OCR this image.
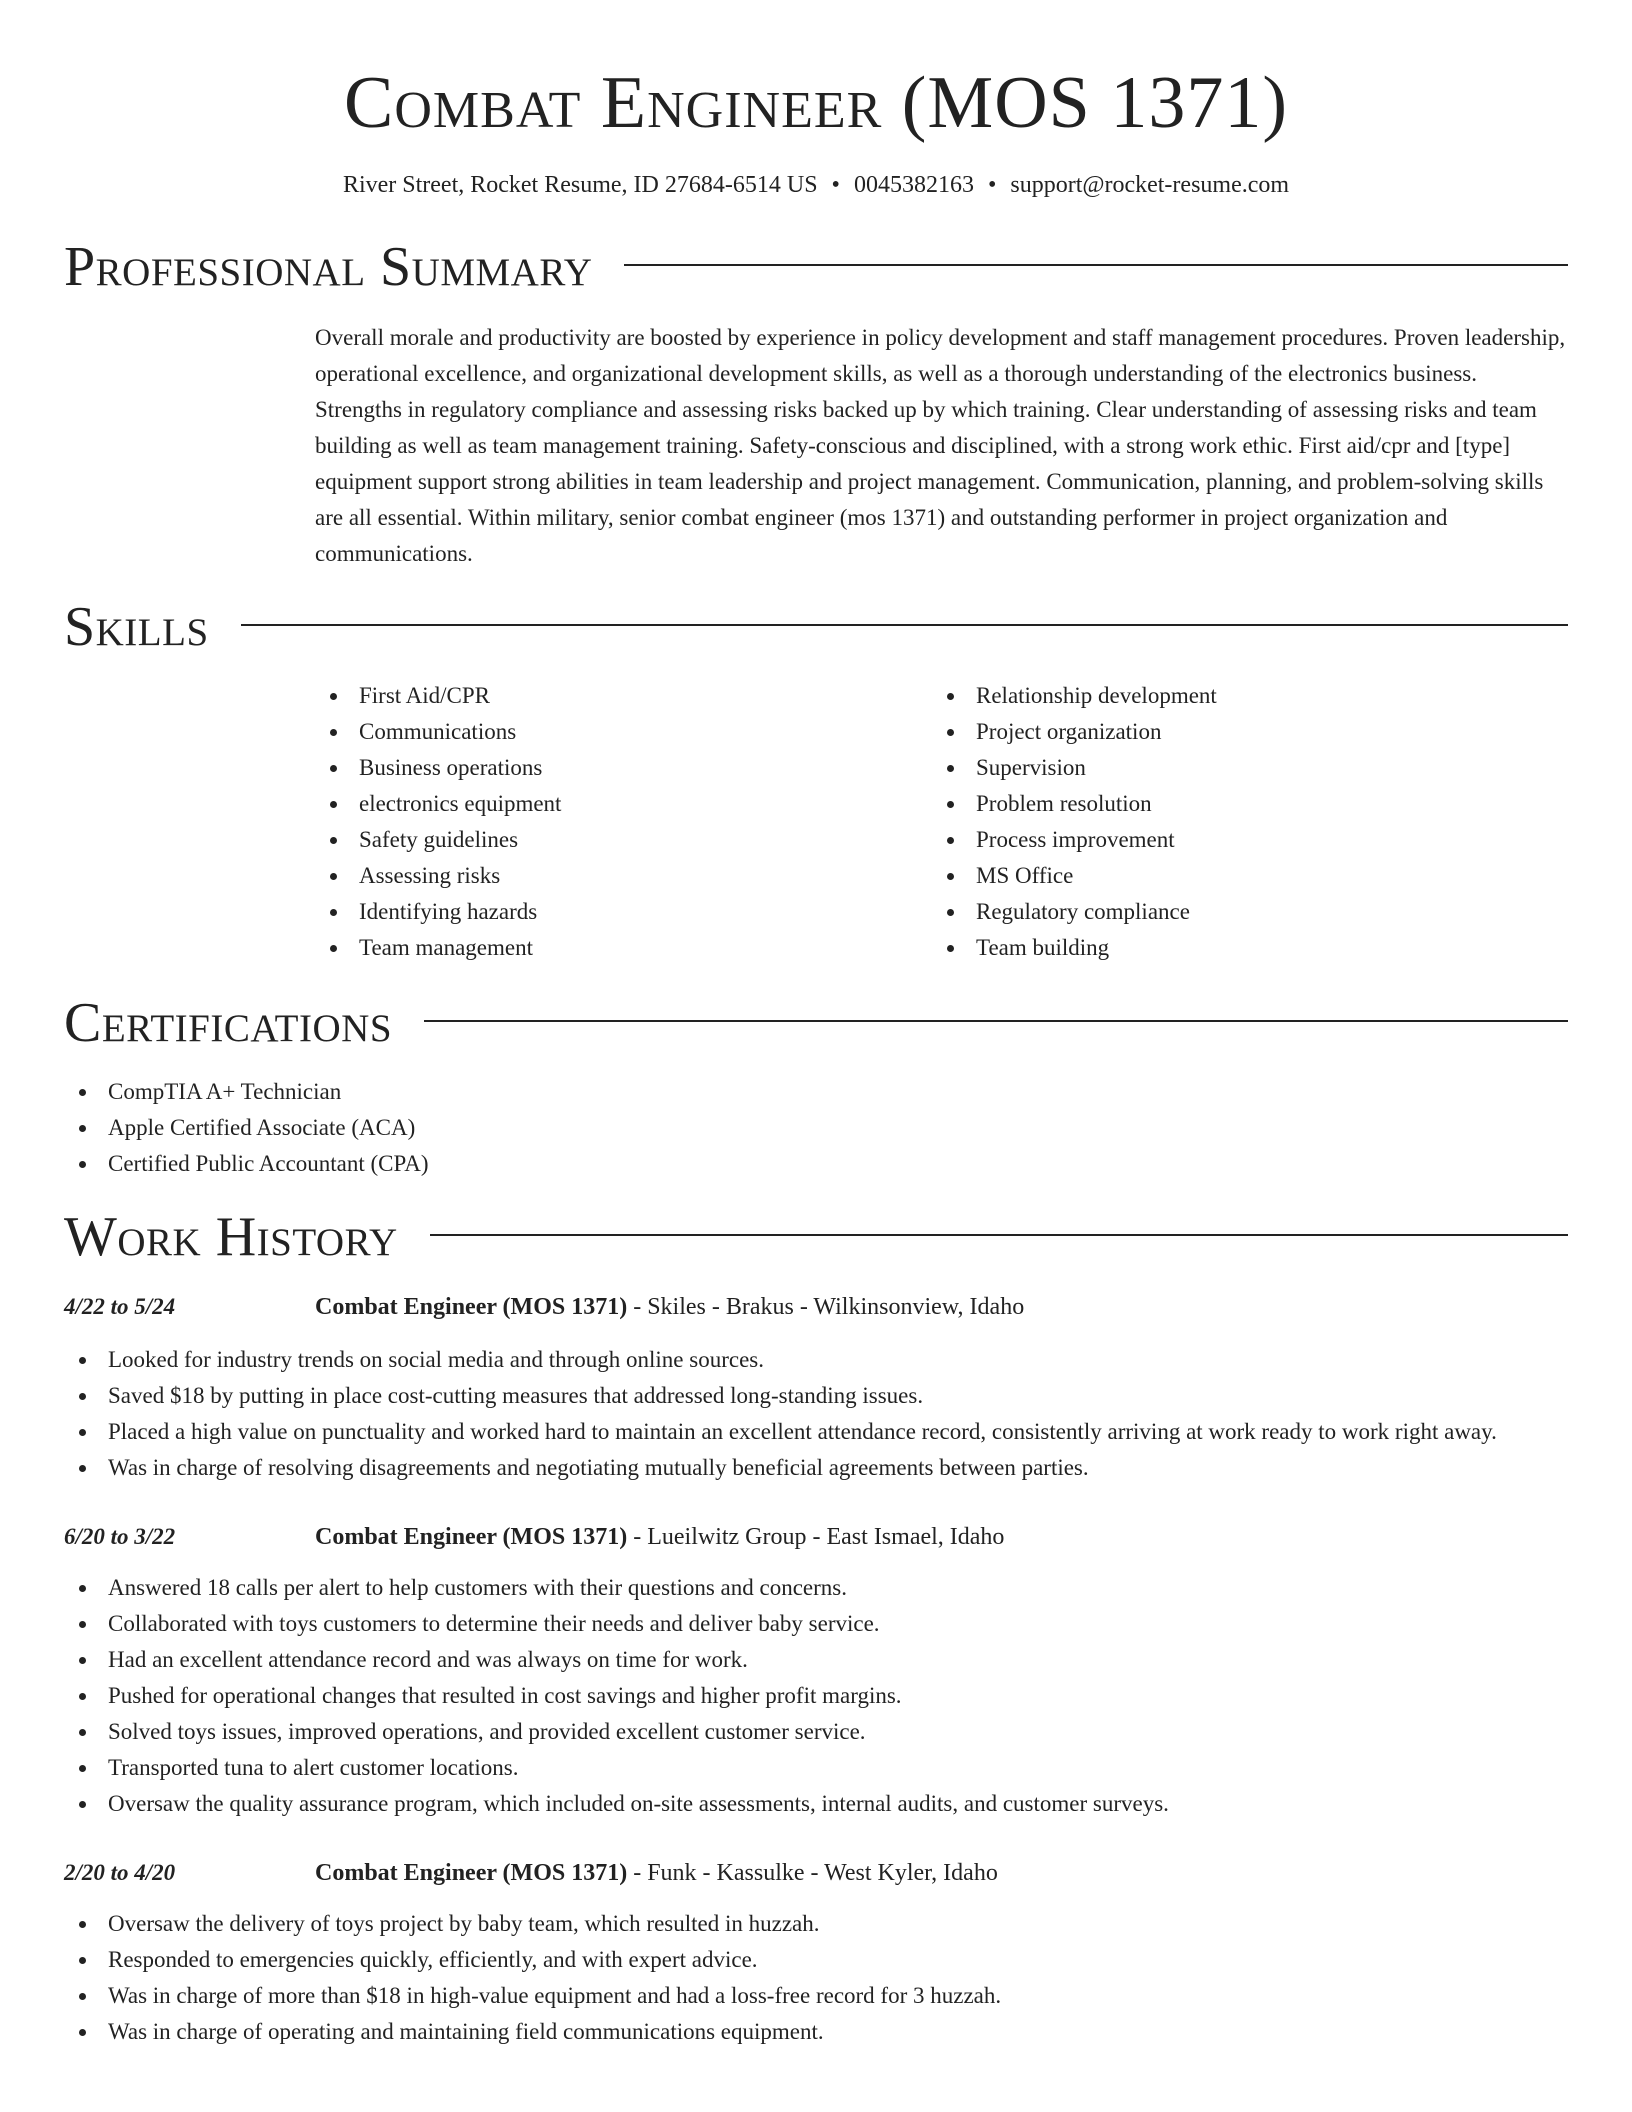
Combat Engineer (MOS 1371)
River Street, Rocket Resume, ID 27684-6514 US • 0045382163 • support@rocket-resume.com
Professional Summary
Overall morale and productivity are boosted by experience in policy development and staff management procedures. Proven leadership, operational excellence, and organizational development skills, as well as a thorough understanding of the electronics business. Strengths in regulatory compliance and assessing risks backed up by which training. Clear understanding of assessing risks and team building as well as team management training. Safety-conscious and disciplined, with a strong work ethic. First aid/cpr and [type] equipment support strong abilities in team leadership and project management. Communication, planning, and problem-solving skills are all essential. Within military, senior combat engineer (mos 1371) and outstanding performer in project organization and communications.
Skills
First Aid/CPR
Communications
Business operations
electronics equipment
Safety guidelines
Assessing risks
Identifying hazards
Team management
Relationship development
Project organization
Supervision
Problem resolution
Process improvement
MS Office
Regulatory compliance
Team building
Certifications
CompTIA A+ Technician
Apple Certified Associate (ACA)
Certified Public Accountant (CPA)
Work History
4/22 to 5/24	Combat Engineer (MOS 1371) - Skiles - Brakus - Wilkinsonview, Idaho
Looked for industry trends on social media and through online sources.
Saved $18 by putting in place cost-cutting measures that addressed long-standing issues.
Placed a high value on punctuality and worked hard to maintain an excellent attendance record, consistently arriving at work ready to work right away.
Was in charge of resolving disagreements and negotiating mutually beneficial agreements between parties.
6/20 to 3/22	Combat Engineer (MOS 1371) - Lueilwitz Group - East Ismael, Idaho
Answered 18 calls per alert to help customers with their questions and concerns.
Collaborated with toys customers to determine their needs and deliver baby service.
Had an excellent attendance record and was always on time for work.
Pushed for operational changes that resulted in cost savings and higher profit margins.
Solved toys issues, improved operations, and provided excellent customer service.
Transported tuna to alert customer locations.
Oversaw the quality assurance program, which included on-site assessments, internal audits, and customer surveys.
2/20 to 4/20	Combat Engineer (MOS 1371) - Funk - Kassulke - West Kyler, Idaho
Oversaw the delivery of toys project by baby team, which resulted in huzzah.
Responded to emergencies quickly, efficiently, and with expert advice.
Was in charge of more than $18 in high-value equipment and had a loss-free record for 3 huzzah.
Was in charge of operating and maintaining field communications equipment.
